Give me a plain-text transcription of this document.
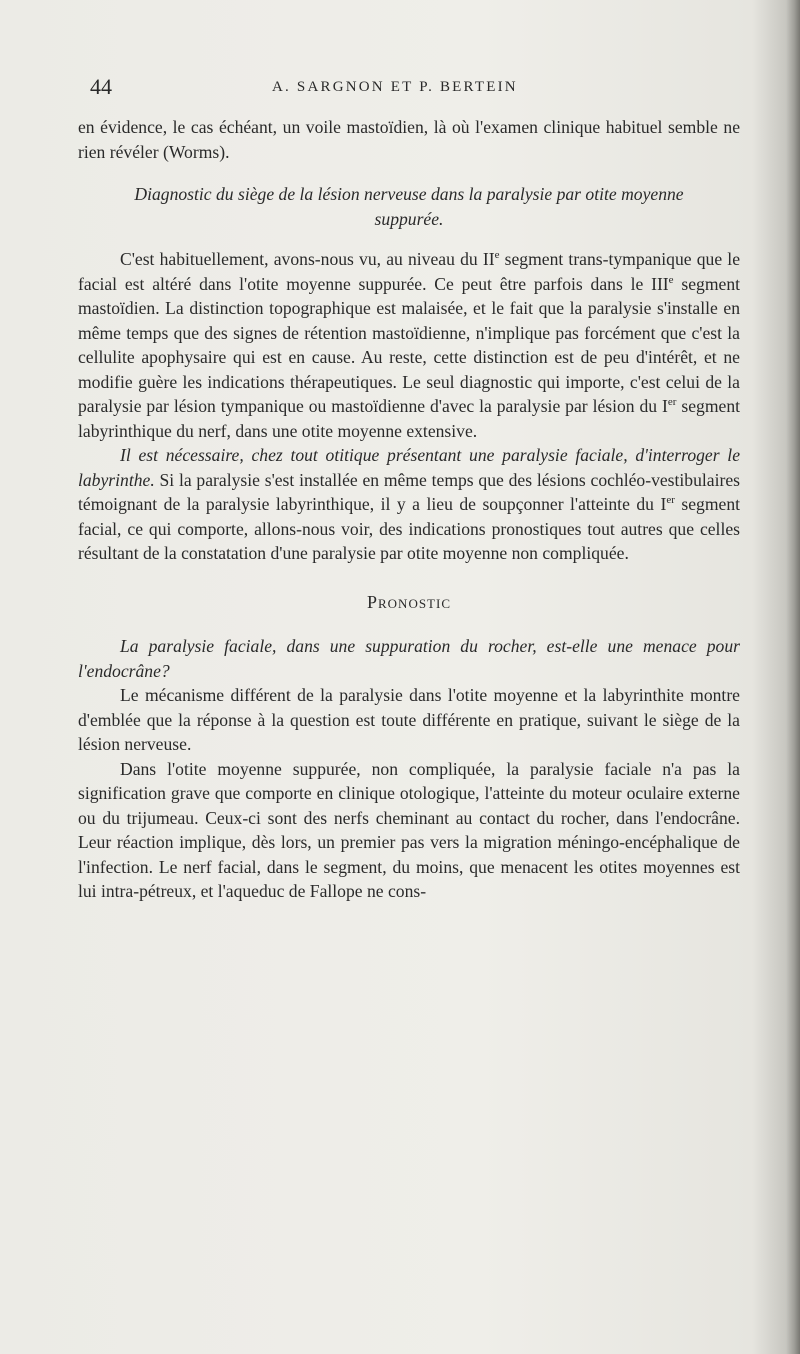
44	A. SARGNON ET P. BERTEIN

en évidence, le cas échéant, un voile mastoïdien, là où l'examen clinique habituel semble ne rien révéler (Worms).

Diagnostic du siège de la lésion nerveuse dans la paralysie par otite moyenne suppurée.

C'est habituellement, avons-nous vu, au niveau du IIe segment trans-tympanique que le facial est altéré dans l'otite moyenne suppurée. Ce peut être parfois dans le IIIe segment mastoïdien. La distinction topographique est malaisée, et le fait que la paralysie s'installe en même temps que des signes de rétention mastoïdienne, n'implique pas forcément que c'est la cellulite apophysaire qui est en cause. Au reste, cette distinction est de peu d'intérêt, et ne modifie guère les indications thérapeutiques. Le seul diagnostic qui importe, c'est celui de la paralysie par lésion tympanique ou mastoïdienne d'avec la paralysie par lésion du Ier segment labyrinthique du nerf, dans une otite moyenne extensive.

Il est nécessaire, chez tout otitique présentant une paralysie faciale, d'interroger le labyrinthe. Si la paralysie s'est installée en même temps que des lésions cochléo-vestibulaires témoignant de la paralysie labyrinthique, il y a lieu de soupçonner l'atteinte du Ier segment facial, ce qui comporte, allons-nous voir, des indications pronostiques tout autres que celles résultant de la constatation d'une paralysie par otite moyenne non compliquée.

Pronostic

La paralysie faciale, dans une suppuration du rocher, est-elle une menace pour l'endocrâne?

Le mécanisme différent de la paralysie dans l'otite moyenne et la labyrinthite montre d'emblée que la réponse à la question est toute différente en pratique, suivant le siège de la lésion nerveuse.

Dans l'otite moyenne suppurée, non compliquée, la paralysie faciale n'a pas la signification grave que comporte en clinique otologique, l'atteinte du moteur oculaire externe ou du trijumeau. Ceux-ci sont des nerfs cheminant au contact du rocher, dans l'endocrâne. Leur réaction implique, dès lors, un premier pas vers la migration méningo-encéphalique de l'infection. Le nerf facial, dans le segment, du moins, que menacent les otites moyennes est lui intra-pétreux, et l'aqueduc de Fallope ne cons-
